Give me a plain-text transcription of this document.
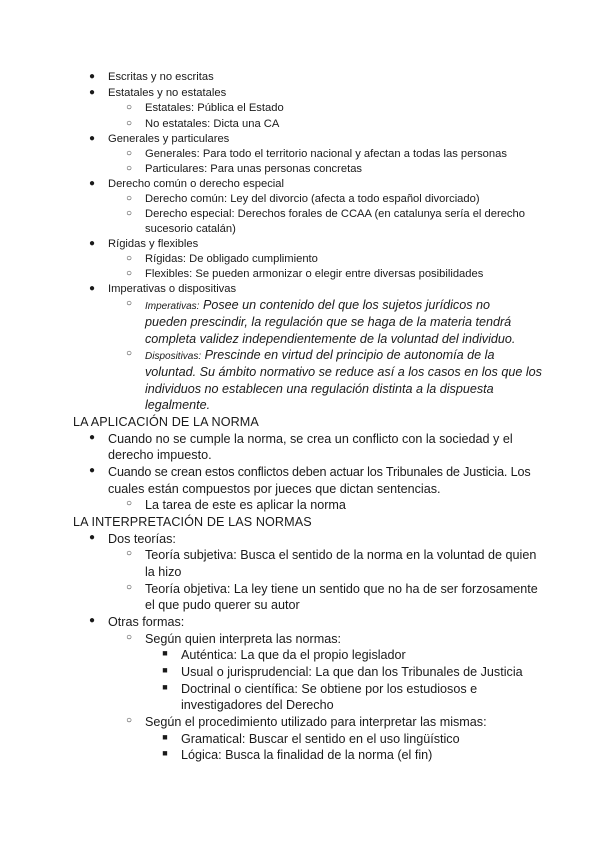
● Escritas y no escritas
● Estatales y no estatales
○ Estatales: Pública el Estado
○ No estatales: Dicta una CA
● Generales y particulares
○ Generales: Para todo el territorio nacional y afectan a todas las personas
○ Particulares: Para unas personas concretas
● Derecho común o derecho especial
○ Derecho común: Ley del divorcio (afecta a todo español divorciado)
○ Derecho especial: Derechos forales de CCAA (en catalunya sería el derecho
sucesorio catalán)
● Rígidas y flexibles
○ Rígidas: De obligado cumplimiento
○ Flexibles: Se pueden armonizar o elegir entre diversas posibilidades
● Imperativas o dispositivas
○ Imperativas: Posee un contenido del que los sujetos jurídicos no
pueden prescindir, la regulación que se haga de la materia tendrá
completa validez independientemente de la voluntad del individuo.
○ Dispositivas: Prescinde en virtud del principio de autonomía de la
voluntad. Su ámbito normativo se reduce así a los casos en los que los
individuos no establecen una regulación distinta a la dispuesta
legalmente.
LA APLICACIÓN DE LA NORMA
● Cuando no se cumple la norma, se crea un conflicto con la sociedad y el
derecho impuesto.
● Cuando se crean estos conflictos deben actuar los Tribunales de Justicia. Los
cuales están compuestos por jueces que dictan sentencias.
○ La tarea de este es aplicar la norma
LA INTERPRETACIÓN DE LAS NORMAS
● Dos teorías:
○ Teoría subjetiva: Busca el sentido de la norma en la voluntad de quien
la hizo
○ Teoría objetiva: La ley tiene un sentido que no ha de ser forzosamente
el que pudo querer su autor
● Otras formas:
○ Según quien interpreta las normas:
■ Auténtica: La que da el propio legislador
■ Usual o jurisprudencial: La que dan los Tribunales de Justicia
■ Doctrinal o científica: Se obtiene por los estudiosos e
investigadores del Derecho
○ Según el procedimiento utilizado para interpretar las mismas:
■ Gramatical: Buscar el sentido en el uso lingüístico
■ Lógica: Busca la finalidad de la norma (el fin)
